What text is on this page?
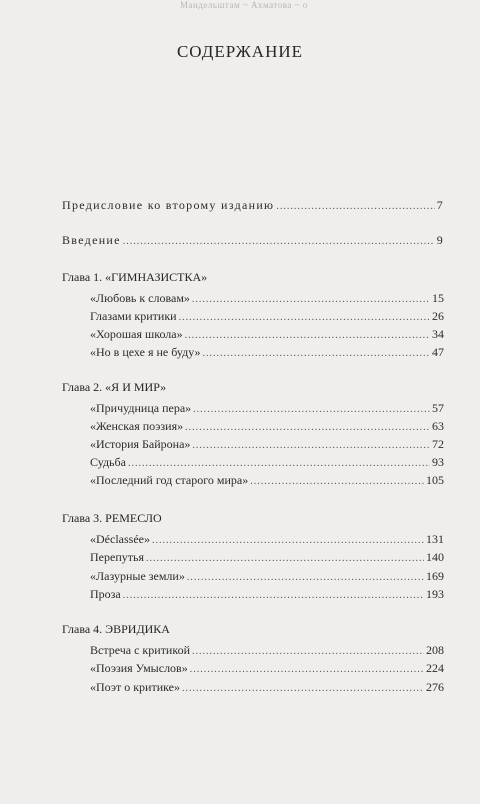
Мандельштам ~ Ахматова ~ о
СОДЕРЖАНИЕ

Предисловие ко второму изданию .....	7
Введение .....	9
Глава 1. «ГИМНАЗИСТКА»
«Любовь к словам» .....	15
Глазами критики .....	26
«Хорошая школа» .....	34
«Но в цехе я не буду» .....	47
Глава 2. «Я И МИР»
«Причудница пера» .....	57
«Женская поэзия» .....	63
«История Байрона» .....	72
Судьба .....	93
«Последний год старого мира» .....	105
Глава 3. РЕМЕСЛО
«Déclassée» .....	131
Перепутья .....	140
«Лазурные земли» .....	169
Проза .....	193
Глава 4. ЭВРИДИКА
Встреча с критикой .....	208
«Поэзия Умыслов» .....	224
«Поэт о критике» .....	276
